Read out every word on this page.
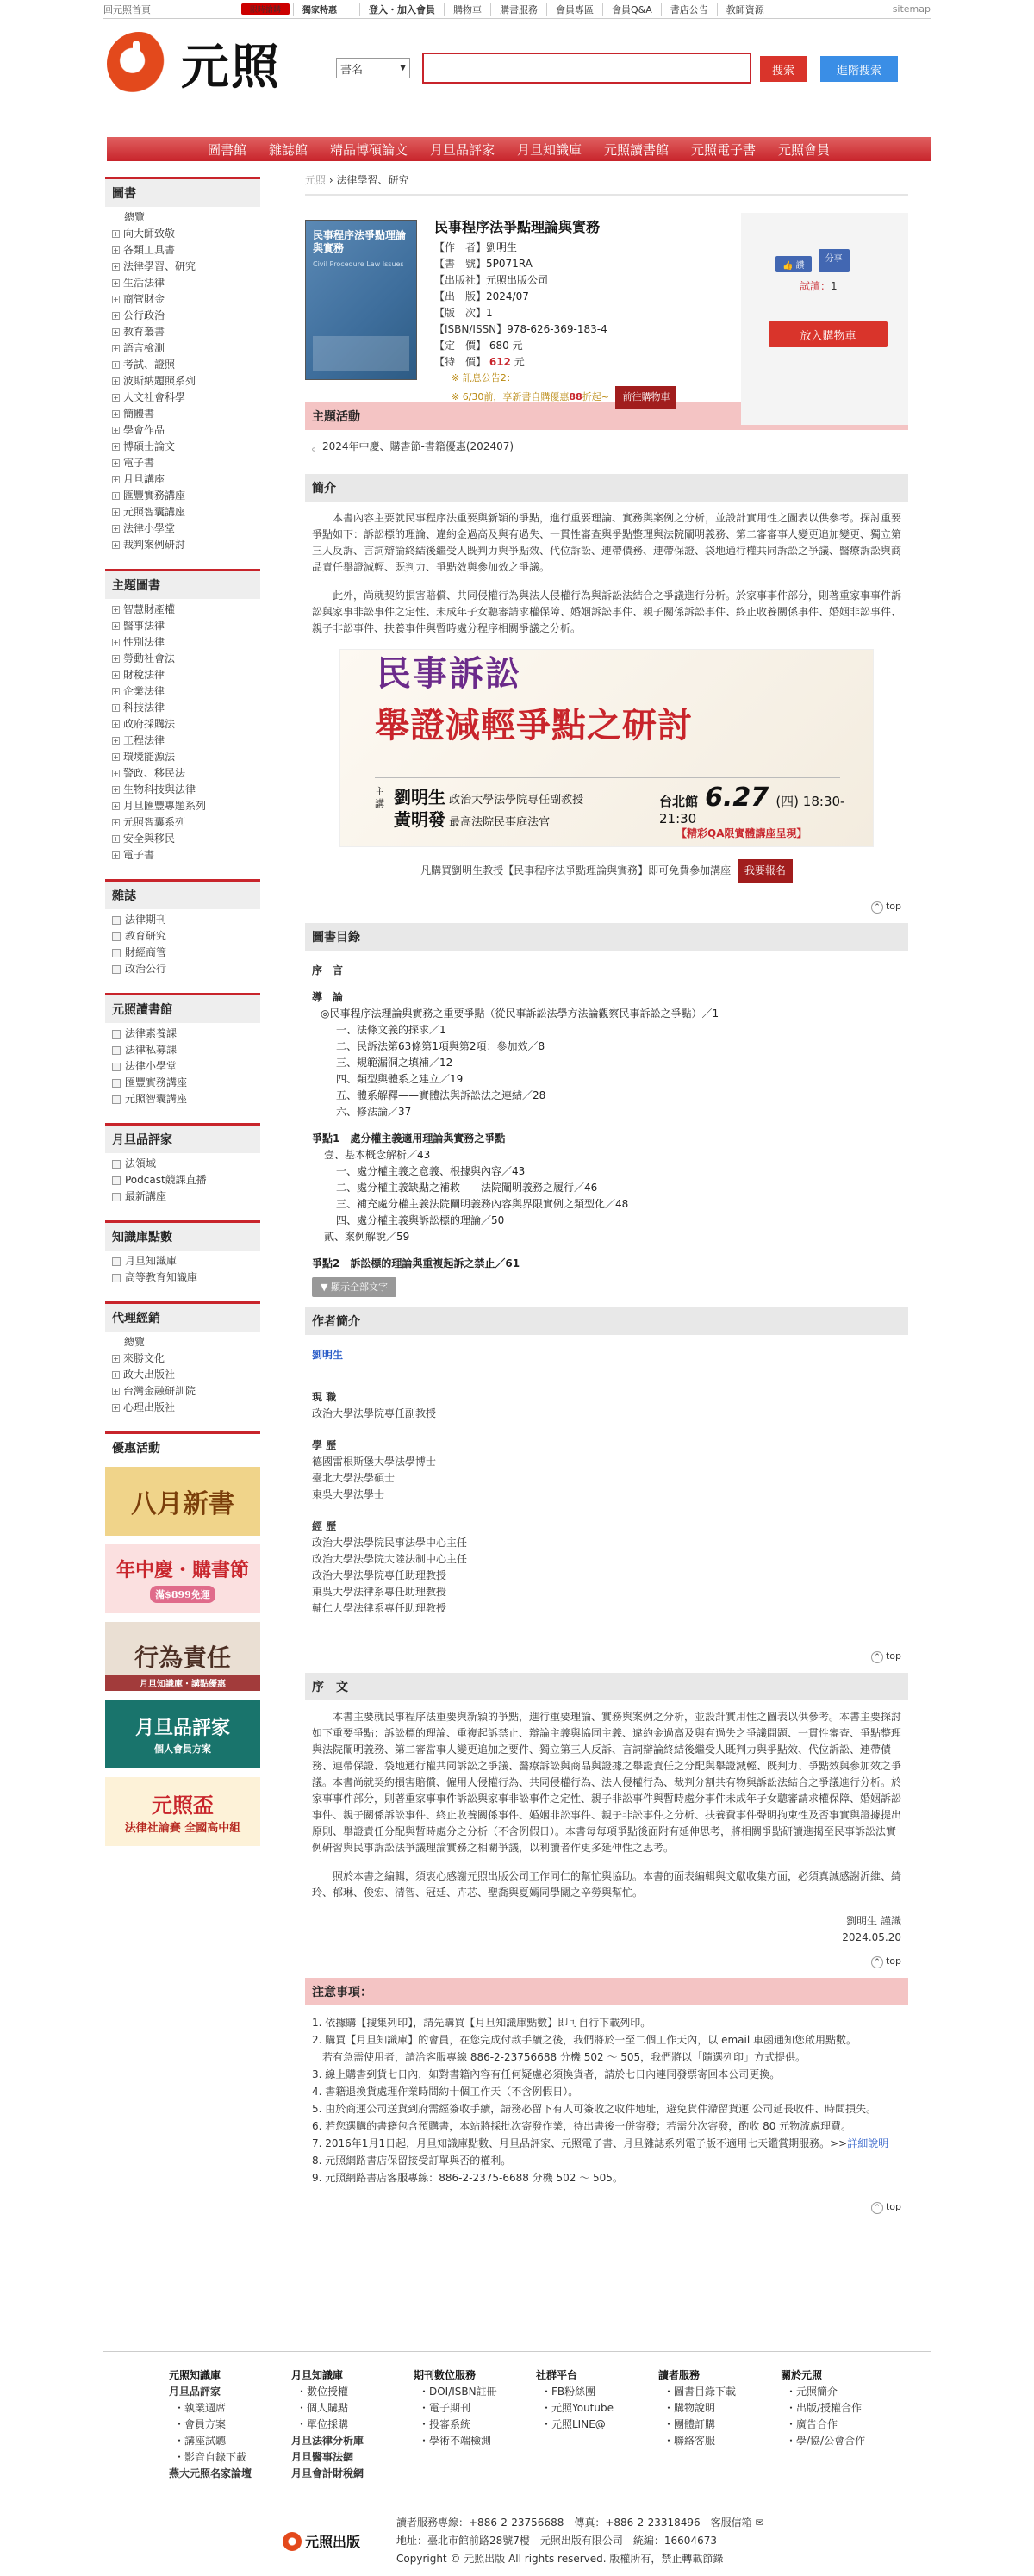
回元照首頁	限時搶購	獨家特惠	登入・加入會員	購物車	購書服務	會員專區	會員Q&A	書店公告	教師資源	sitemap
元照	書名	▼	搜索	進階搜索
圖書館	雜誌館	精品博碩論文	月旦品評家	月旦知識庫	元照讀書館	元照電子書	元照會員
圖書
總覽
+ 向大師致敬
+ 各類工具書
+ 法律學習、研究
+ 生活法律
+ 商管財金
+ 公行政治
+ 教育叢書
+ 語言檢測
+ 考試、證照
+ 波斯納題照系列
+ 人文社會科學
+ 簡體書
+ 學會作品
+ 博碩士論文
+ 電子書
+ 月旦講座
+ 匯豐實務講座
+ 元照智囊講座
+ 法律小學堂
+ 裁判案例研討
主題圖書
+ 智慧財產權
+ 醫事法律
+ 性別法律
+ 勞動社會法
+ 財稅法律
+ 企業法律
+ 科技法律
+ 政府採購法
+ 工程法律
+ 環境能源法
+ 警政、移民法
+ 生物科技與法律
+ 月旦匯豐專題系列
+ 元照智囊系列
+ 安全與移民
+ 電子書
雜誌
法律期刊
教育研究
財經商管
政治公行
元照讀書館
法律素養課
法律私募課
法律小學堂
匯豐實務講座
元照智囊講座
月旦品評家
法領域
Podcast競課直播
最新講座
知識庫點數
月旦知識庫
高等教育知識庫
代理經銷
總覽
+ 來勝文化
+ 政大出版社
+ 台灣金融研訓院
+ 心理出版社
優惠活動
八月新書
年中慶・購書節
滿$899免運
行為責任
月旦知識庫・講點優惠
月旦品評家
個人會員方案
元照盃
法律社論賽 全國高中組
元照 › 法律學習、研究
民事程序法爭點理論與實務
Civil Procedure Law Issues
民事程序法爭點理論與實務
【作　者】劉明生
【書　號】5P071RA
【出版社】元照出版公司
【出　版】2024/07
【版　次】1
【ISBN/ISSN】978-626-369-183-4
【定　價】 680 元
【特　價】 612 元
※ 訊息公告2：
※ 6/30前，享新書自購優惠88折起~ 前往購物車
👍 讚
分享
試讀：1
放入購物車
主題活動
。2024年中慶、購書節-書籍優惠(202407)
簡介

本書內容主要就民事程序法重要與新穎的爭點，進行重要理論、實務與案例之分析，並設計實用性之圖表以供參考。探討重要爭點如下：訴訟標的理論、違約金過高及與有過失、一貫性審查與爭點整理與法院闡明義務、第二審審事人變更追加變更、獨立第三人反訴、言詞辯論終結後繼受人既判力與爭點效、代位訴訟、連帶債務、連帶保證、袋地通行權共同訴訟之爭議、醫療訴訟與商品責任舉證減輕、既判力、爭點效與參加效之爭議。

此外，尚就契約損害賠償、共同侵權行為與法人侵權行為與訴訟法結合之爭議進行分析。於家事事件部分，則著重家事事件訴訟與家事非訟事件之定性、未成年子女聽審請求權保障、婚姻訴訟事件、親子關係訴訟事件、終止收養關係事件、婚姻非訟事件、親子非訟事件、扶養事件與暫時處分程序相關爭議之分析。

民事訴訟
舉證減輕爭點之研討
主講 劉明生 政治大學法學院專任副教授
黃明發 最高法院民事庭法官
台北館 6.27 (四) 18:30-21:30
【精彩QA限實體講座呈現】
凡購買劉明生教授【民事程序法爭點理論與實務】即可免費參加講座 我要報名
⌃ top
圖書目錄
序　言
導　論
◎民事程序法理論與實務之重要爭點（從民事訴訟法學方法論觀察民事訴訟之爭點）／1
一、法條文義的探求／1
二、民訴法第63條第1項與第2項：參加效／8
三、規範漏洞之填補／12
四、類型與體系之建立／19
五、體系解釋——實體法與訴訟法之連結／28
六、修法論／37
爭點1　處分權主義適用理論與實務之爭點
壹、基本概念解析／43
一、處分權主義之意義、根據與內容／43
二、處分權主義缺點之補救——法院闡明義務之履行／46
三、補充處分權主義法院闡明義務內容與界限實例之類型化／48
四、處分權主義與訴訟標的理論／50
貳、案例解說／59
爭點2　訴訟標的理論與重複起訴之禁止／61
▼ 顯示全部文字
作者簡介
劉明生
現 職
政治大學法學院專任副教授
學 歷
德國雷根斯堡大學法學博士
臺北大學法學碩士
東吳大學法學士
經 歷
政治大學法學院民事法學中心主任
政治大學法學院大陸法制中心主任
政治大學法學院專任助理教授
東吳大學法律系專任助理教授
輔仁大學法律系專任助理教授
⌃ top
序　文

本書主要就民事程序法重要與新穎的爭點，進行重要理論、實務與案例之分析，並設計實用性之圖表以供參考。本書主要探討如下重要爭點：訴訟標的理論、重複起訴禁止、辯論主義與協同主義、違約金過高及與有過失之爭議問題、一貫性審查、爭點整理與法院闡明義務、第二審當事人變更追加之要件、獨立第三人反訴、言詞辯論終結後繼受人既判力與爭點效、代位訴訟、連帶債務、連帶保證、袋地通行權共同訴訟之爭議、醫療訴訟與商品與證據之舉證責任之分配與舉證減輕、既判力、爭點效與參加效之爭議。本書尚就契約損害賠償、僱用人侵權行為、共同侵權行為、法人侵權行為、裁判分割共有物與訴訟法結合之爭議進行分析。於家事事件部分，則著重家事事件訴訟與家事非訟事件之定性、親子非訟事件與暫時處分事件未成年子女聽審請求權保障、婚姻訴訟事件、親子關係訴訟事件、終止收養關係事件、婚姻非訟事件、親子非訟事件之分析、扶養費事件聲明拘束性及否事實與證據提出原則、舉證責任分配與暫時處分之分析（不含例假日）。本書每每項爭點後面附有延伸思考，將相關爭點研讀進揭至民事訴訟法實例研習與民事訴訟法爭議理論實務之相關爭議，以利讀者作更多延伸性之思考。

照於本書之編輯，須衷心感謝元照出版公司工作同仁的幫忙與協助。本書的面表編輯與文獻收集方面，必須真誠感謝沂維、綺玲、郁琳、俊宏、清智、冠廷、卉芯、聖喬與夏嫣同學關之辛勞與幫忙。

劉明生 謹識
2024.05.20
⌃ top
注意事項：
1. 依據購【搜集列印】，請先購買【月旦知識庫點數】即可自行下載列印。
2. 購買【月旦知識庫】的會員，在您完成付款手續之後，我們將於一至二個工作天內，以 email 車函通知您啟用點數。
　若有急需使用者，請洽客服專線 886-2-23756688 分機 502 ～ 505，我們將以「隨選列印」方式提供。
3. 線上購書到貨七日內，如對書籍內容有任何疑慮必須換貨者，請於七日內連同發票寄回本公司更換。
4. 書籍退換貨處理作業時間約十個工作天（不含例假日）。
5. 由於商運公司送貨到府需經簽收手續，請務必留下有人可簽收之收件地址，避免貨件滯留貨運 公司延長收件、時間損失。
6. 若您選購的書籍包含預購書，本站將採批次寄發作業，待出書後一併寄發；若需分次寄發，酌收 80 元物流處理費。
7. 2016年1月1日起，月旦知識庫點數、月旦品評家、元照電子書、月旦雜誌系列電子版不適用七天鑑賞期服務。>>詳細說明
8. 元照網路書店保留接受訂單與否的權利。
9. 元照網路書店客服專線：886-2-2375-6688 分機 502 ～ 505。
⌃ top
元照知識庫
月旦品評家
・執業週席
・會員方案
・講座試聽
・影音自錄下載
燕大元照名家論壇
月旦知識庫
・數位授權
・個人購點
・單位採購
月旦法律分析庫
月旦醫事法網
月旦會計財稅網
期刊數位服務
・DOI/ISBN註冊
・電子期刊
・投審系統
・學術不端檢測
社群平台
・FB粉絲團
・元照Youtube
・元照LINE@
讀者服務
・圖書目錄下載
・購物說明
・團體訂購
・聯絡客服
關於元照
・元照簡介
・出版/授權合作
・廣告合作
・學/協/公會合作
元照出版
讀者服務專線：+886-2-23756688　傳真：+886-2-23318496　客服信箱 ✉
地址：臺北市館前路28號7樓　元照出版有限公司　統編：16604673
Copyright © 元照出版 All rights reserved. 版權所有，禁止轉載節錄
